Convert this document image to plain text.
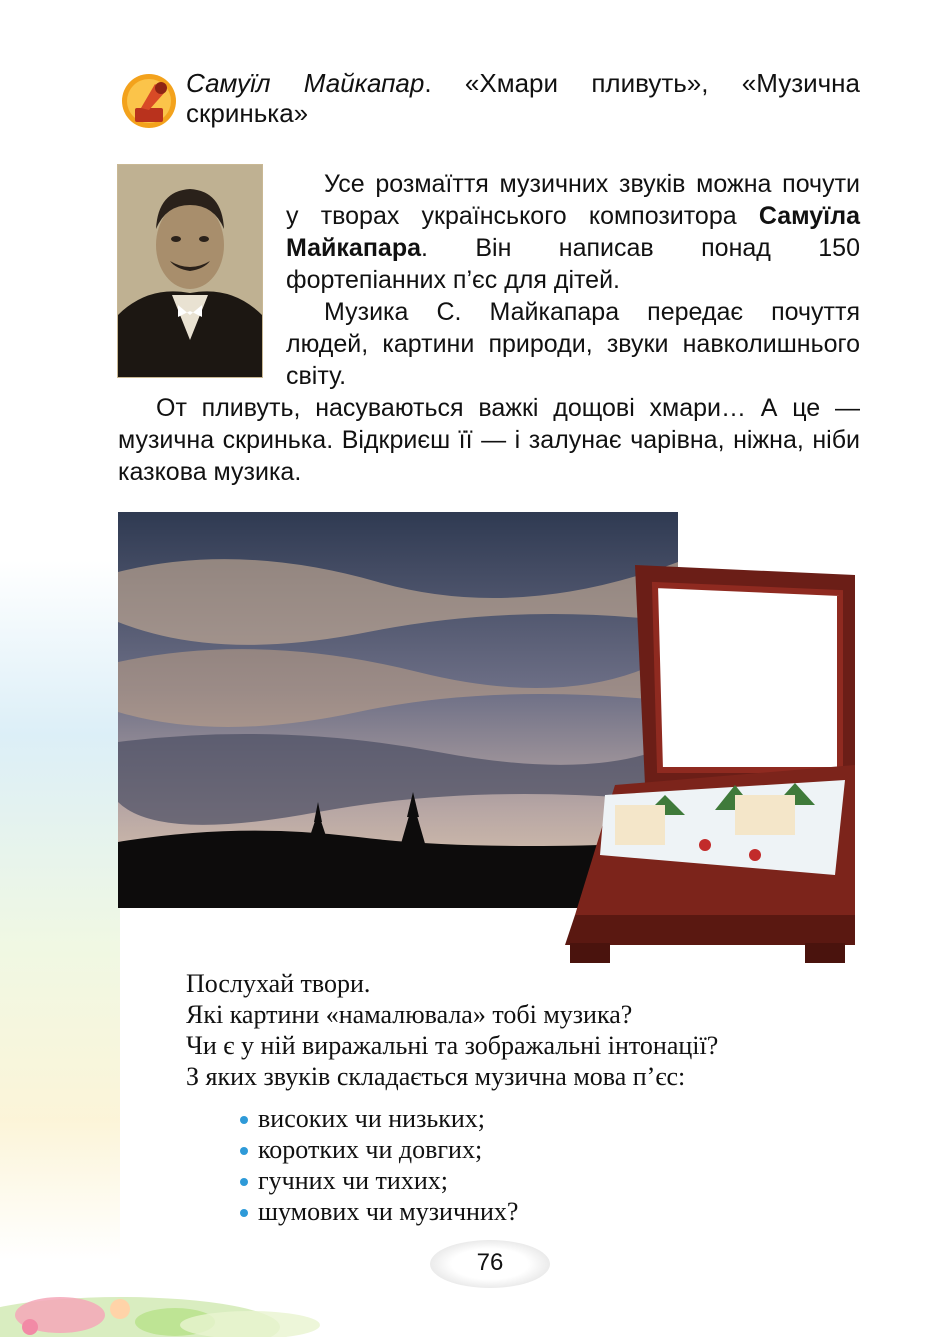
Самуїл Майкапар. «Хмари пливуть», «Музична скринька»

Усе розмаїття музичних звуків можна почути у творах українського композитора Самуїла Майкапара. Він написав понад 150 фортепіанних п’єс для дітей.

Музика С. Майкапара передає почуття людей, картини природи, звуки навколишнього світу.

От пливуть, насуваються важкі дощові хмари… А це — музична скринька. Відкриєш її — і залунає чарівна, ніжна, ніби казкова музика.

Послухай твори.

Які картини «намалювала» тобі музика?

Чи є у ній виражальні та зображальні інтонації?

З яких звуків складається музична мова п’єс:

високих чи низьких;
коротких чи довгих;
гучних чи тихих;
шумових чи музичних?
76
